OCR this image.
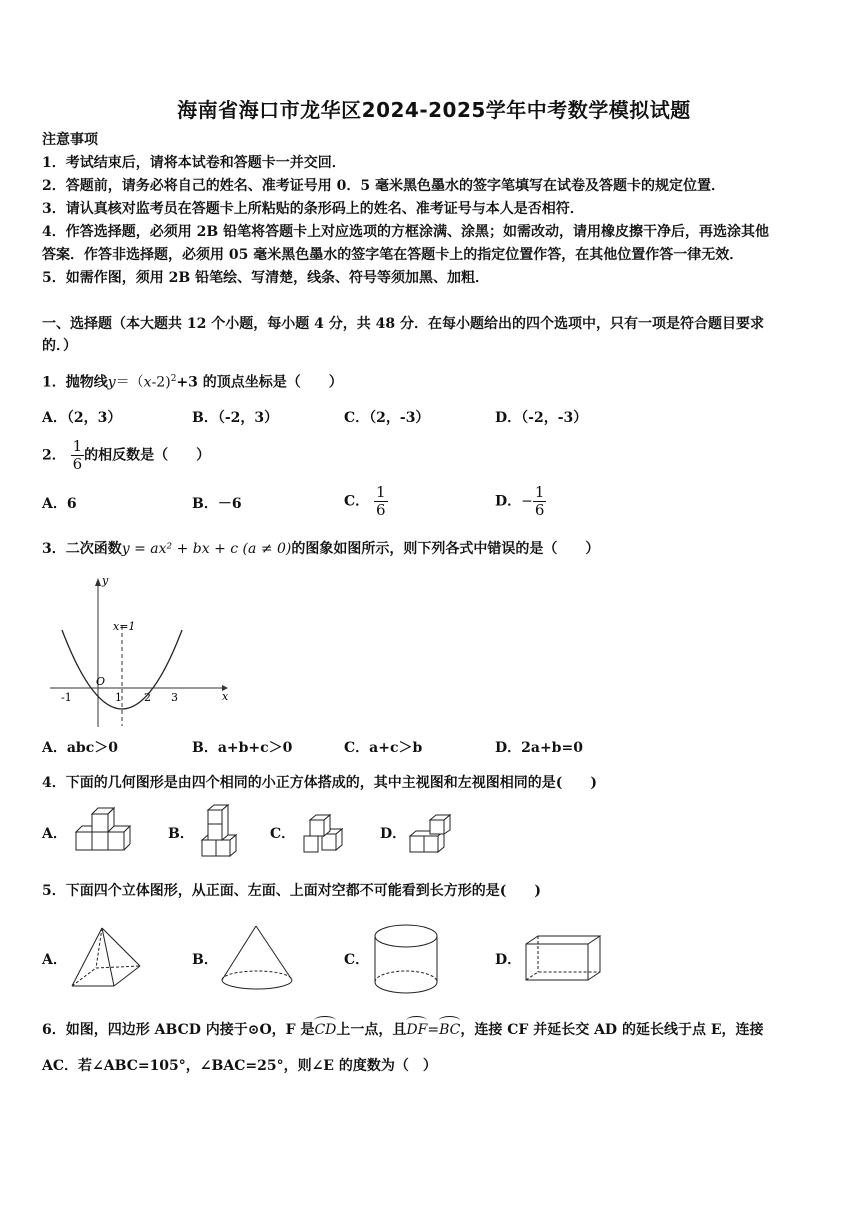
海南省海口市龙华区2024-2025学年中考数学模拟试题
注意事项
1．考试结束后，请将本试卷和答题卡一并交回．
2．答题前，请务必将自己的姓名、准考证号用 0．5 毫米黑色墨水的签字笔填写在试卷及答题卡的规定位置．
3．请认真核对监考员在答题卡上所粘贴的条形码上的姓名、准考证号与本人是否相符．
4．作答选择题，必须用 2B 铅笔将答题卡上对应选项的方框涂满、涂黑；如需改动，请用橡皮擦干净后，再选涂其他
答案．作答非选择题，必须用 05 毫米黑色墨水的签字笔在答题卡上的指定位置作答，在其他位置作答一律无效．
5．如需作图，须用 2B 铅笔绘、写清楚，线条、符号等须加黑、加粗．
一、选择题（本大题共 12 个小题，每小题 4 分，共 48 分．在每小题给出的四个选项中，只有一项是符合题目要求
的．）
1．抛物线y＝（x-2)$^2$+3 的顶点坐标是（　　）
A．（2，3）	B．（-2，3）	C．（2，-3）	D．（-2，-3）
2． $\frac{1}{6}$ 的相反数是（　　）
A．6	B．－6	C． $\frac{1}{6}$	D．− $\frac{1}{6}$
3．二次函数y = ax² + bx + c (a ≠ 0)的图象如图所示，则下列各式中错误的是（　　）
y
x
O
x=1
-1	1 2 3
A．abc＞0	B．a+b+c＞0	C．a+c＞b	D．2a+b=0
4．下面的几何图形是由四个相同的小正方体搭成的，其中主视图和左视图相同的是(　　)
A．	B．	C．	D．
5．下面四个立体图形，从正面、左面、上面对空都不可能看到长方形的是(　　)
A．	B．	C．	D．
6．如图，四边形 ABCD 内接于⊙O，F 是CD上一点，且DF=BC，连接 CF 并延长交 AD 的延长线于点 E，连接
AC．若∠ABC=105°，∠BAC=25°，则∠E 的度数为（　）
